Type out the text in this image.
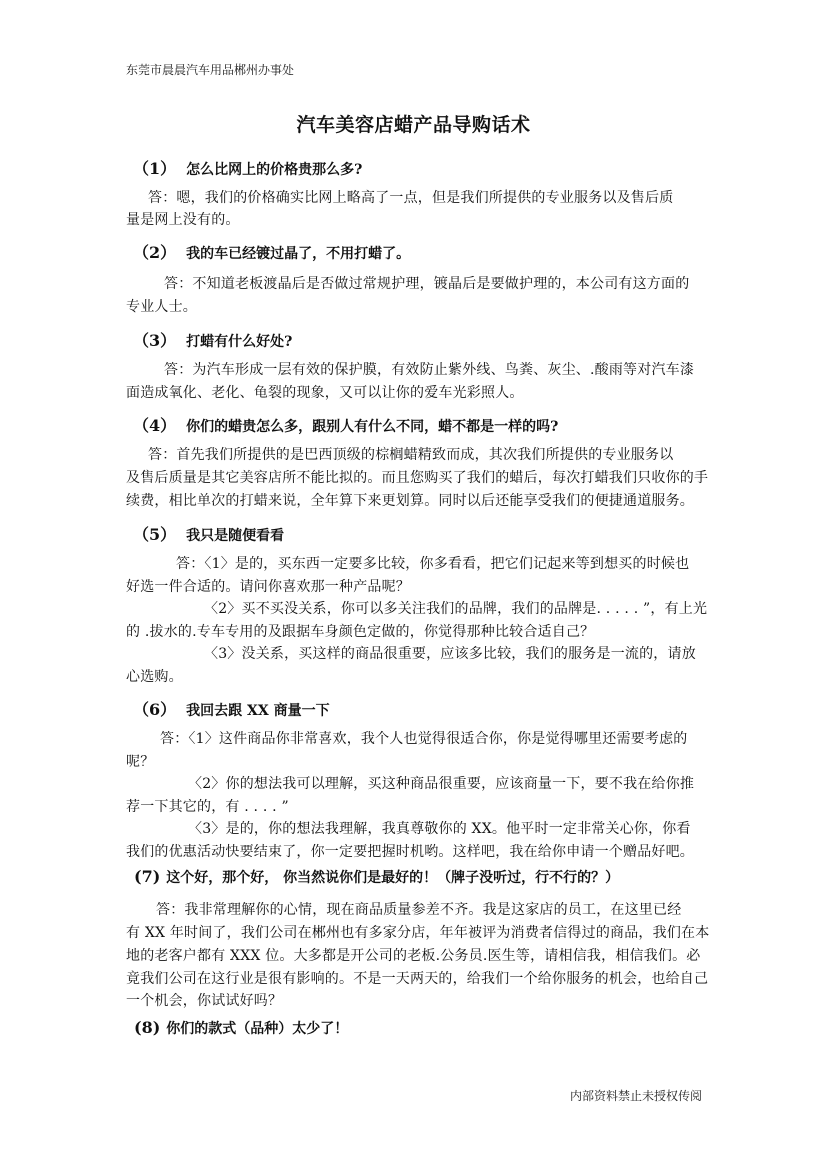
东莞市晨晨汽车用品郴州办事处
汽车美容店蜡产品导购话术
（1） 怎么比网上的价格贵那么多?
答：嗯，我们的价格确实比网上略高了一点，但是我们所提供的专业服务以及售后质
量是网上没有的。
（2） 我的车已经镀过晶了，不用打蜡了。
答：不知道老板渡晶后是否做过常规护理，镀晶后是要做护理的，本公司有这方面的
专业人士。
（3） 打蜡有什么好处?
答：为汽车形成一层有效的保护膜，有效防止紫外线、鸟粪、灰尘、.酸雨等对汽车漆
面造成氧化、老化、龟裂的现象，又可以让你的爱车光彩照人。
（4） 你们的蜡贵怎么多，跟别人有什么不同，蜡不都是一样的吗?
答：首先我们所提供的是巴西顶级的棕榈蜡精致而成，其次我们所提供的专业服务以
及售后质量是其它美容店所不能比拟的。而且您购买了我们的蜡后，每次打蜡我们只收你的手
续费，相比单次的打蜡来说，全年算下来更划算。同时以后还能享受我们的便捷通道服务。
（5） 我只是随便看看
答：〈1〉是的，买东西一定要多比较，你多看看，把它们记起来等到想买的时候也
好选一件合适的。请问你喜欢那一种产品呢？
〈2〉买不买没关系，你可以多关注我们的品牌，我们的品牌是. . . . . ”，有上光
的 .拔水的.专车专用的及跟据车身颜色定做的，你觉得那种比较合适自己？
〈3〉没关系，买这样的商品很重要，应该多比较，我们的服务是一流的，请放
心选购。
（6） 我回去跟 XX 商量一下
答：〈1〉这件商品你非常喜欢，我个人也觉得很适合你，你是觉得哪里还需要考虑的
呢？
〈2〉你的想法我可以理解，买这种商品很重要，应该商量一下，要不我在给你推
荐一下其它的，有 . . . . ”
〈3〉是的，你的想法我理解，我真尊敬你的 XX。他平时一定非常关心你，你看
我们的优惠活动快要结束了，你一定要把握时机哟。这样吧，我在给你申请一个赠品好吧。
(7) 这个好，那个好， 你当然说你们是最好的！（牌子没听过，行不行的？）
答：我非常理解你的心情，现在商品质量参差不齐。我是这家店的员工，在这里已经
有 XX 年时间了，我们公司在郴州也有多家分店，年年被评为消费者信得过的商品，我们在本
地的老客户都有 XXX 位。大多都是开公司的老板.公务员.医生等，请相信我，相信我们。必
竟我们公司在这行业是很有影响的。不是一天两天的，给我们一个给你服务的机会，也给自己
一个机会，你试试好吗？
(8) 你们的款式（品种）太少了！
内部资料禁止未授权传阅
